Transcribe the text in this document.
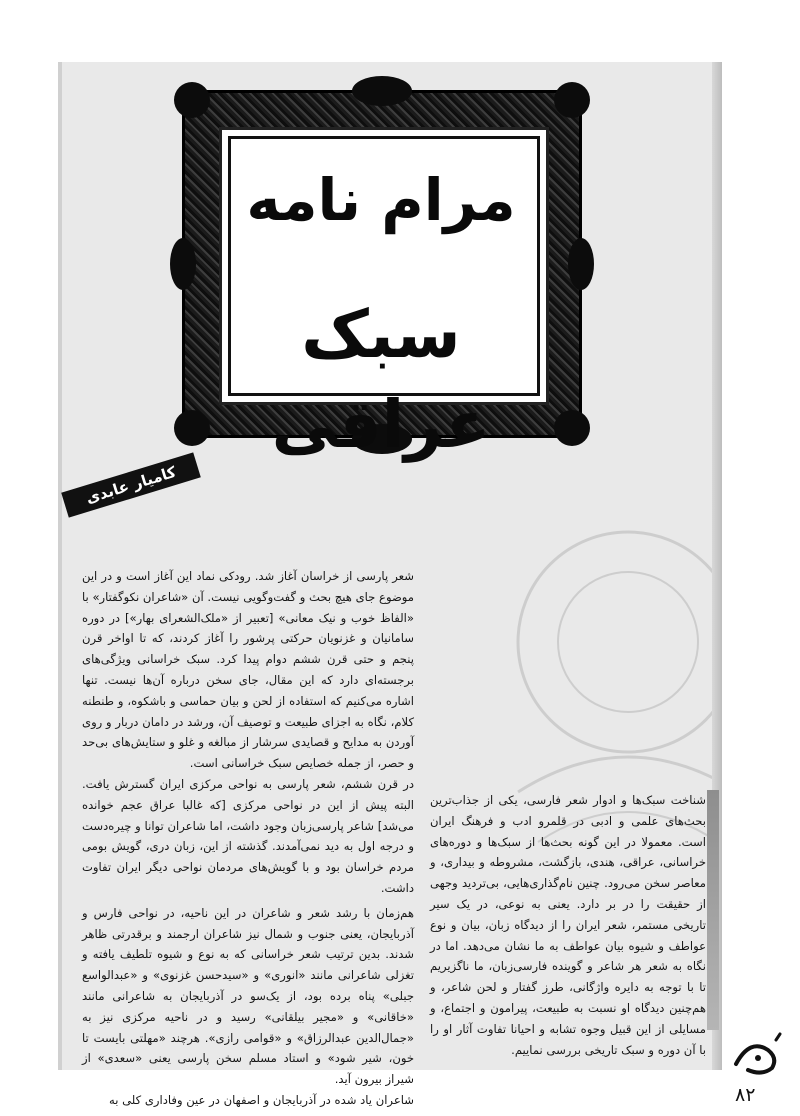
مرام نامه
سبک عراقی
کامیار عابدی

شناخت سبک‌ها و ادوار شعر فارسی، یکی از جذاب‌ترین بحث‌های علمی و ادبی در قلمرو ادب و فرهنگ ایران است. معمولا در این گونه بحث‌ها از سبک‌ها و دوره‌های خراسانی، عراقی، هندی، بازگشت، مشروطه و بیداری، و معاصر سخن می‌رود. چنین نام‌گذاری‌هایی، بی‌تردید وجهی از حقیقت را در بر دارد. یعنی به نوعی، در یک سیر تاریخی مستمر، شعر ایران را از دیدگاه زبان، بیان و نوع عواطف و شیوه بیان عواطف به ما نشان می‌دهد. اما در نگاه به شعر هر شاعر و گوینده فارسی‌زبان، ما ناگزیریم تا با توجه به دایره واژگانی، طرز گفتار و لحن شاعر، و هم‌چنین دیدگاه او نسبت به طبیعت، پیرامون و اجتماع، و مسایلی از این قبیل وجوه تشابه و احیانا تفاوت آثار او را با آن دوره و سبک تاریخی بررسی نماییم.

شعر پارسی از خراسان آغاز شد. رودکی نماد این آغاز است و در این موضوع جای هیچ بحث و گفت‌وگویی نیست. آن «شاعران نکوگفتار» با «الفاظ خوب و نیک معانی» [تعبیر از «ملک‌الشعرای بهار»] در دوره سامانیان و غزنویان حرکتی پرشور را آغاز کردند، که تا اواخر قرن پنجم و حتی قرن ششم دوام پیدا کرد. سبک خراسانی ویژگی‌های برجسته‌ای دارد که این مقال، جای سخن درباره آن‌ها نیست. تنها اشاره می‌کنیم که استفاده از لحن و بیان حماسی و باشکوه، و طنطنه کلام، نگاه به اجزای طبیعت و توصیف آن، ورشد در دامان دربار و روی آوردن به مدایح و قصایدی سرشار از مبالغه و غلو و ستایش‌های بی‌حد و حصر، از جمله خصایص سبک خراسانی است.

در قرن ششم، شعر پارسی به نواحی مرکزی ایران گسترش یافت. البته پیش از این در نواحی مرکزی [که غالبا عراق عجم خوانده می‌شد] شاعر پارسی‌زبان وجود داشت، اما شاعران توانا و چیره‌دست و درجه اول به دید نمی‌آمدند. گذشته از این، زبان دری، گویش بومی مردم خراسان بود و با گویش‌های مردمان نواحی دیگر ایران تفاوت داشت.

هم‌زمان با رشد شعر و شاعران در این ناحیه، در نواحی فارس و آذربایجان، یعنی جنوب و شمال نیز شاعران ارجمند و برقدرتی ظاهر شدند. بدین ترتیب شعر خراسانی که به نوع و شیوه تلطیف یافته و تغزلی شاعرانی مانند «انوری» و «سیدحسن غزنوی» و «عبدالواسع جبلی» پناه برده بود، از یک‌سو در آذربایجان به شاعرانی مانند «خاقانی» و «مجیر بیلقانی» رسید و در ناحیه مرکزی نیز به «جمال‌الدین عبدالرزاق» و «قوامی رازی». هرچند «مهلتی بایست تا خون، شیر شود» و استاد مسلم سخن پارسی یعنی «سعدی» از شیراز بیرون آید.

شاعران یاد شده در آذربایجان و اصفهان در عین وفاداری کلی به	۸۲
